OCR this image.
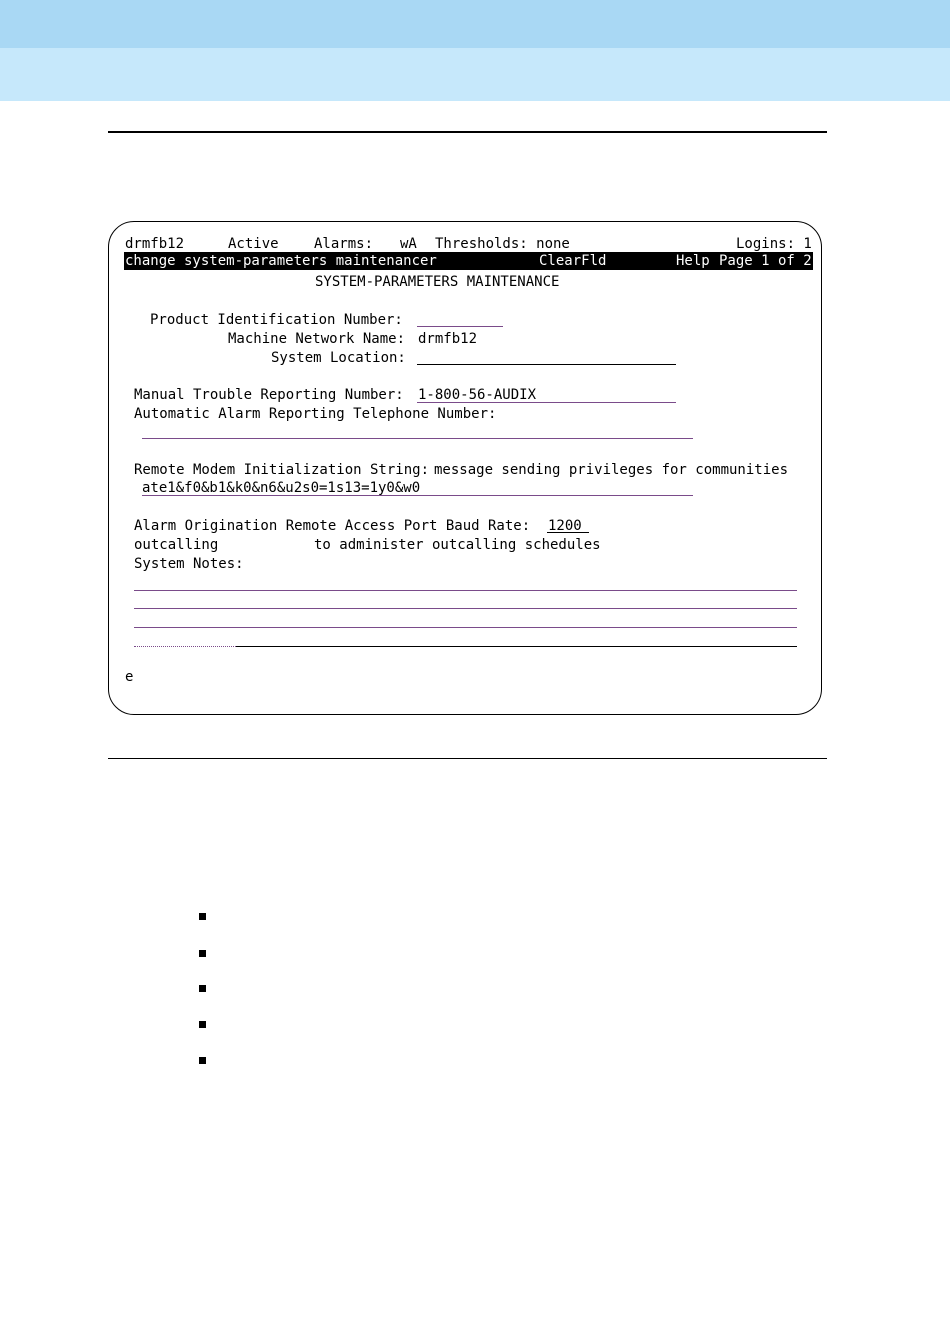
drmfb12	Active	Alarms: wA Thresholds: none	Logins: 1
change system-parameters maintenancer	ClearFld	Help Page 1 of 2
SYSTEM-PARAMETERS MAINTENANCE
Product Identification Number:
Machine Network Name: drmfb12
System Location:
Manual Trouble Reporting Number: 1-800-56-AUDIX
Automatic Alarm Reporting Telephone Number:
Remote Modem Initialization String: message sending privileges for communities
ate1&f0&b1&k0&n6&u2s0=1s13=1y0&w0
Alarm Origination Remote Access Port Baud Rate: 1200
outcalling	to administer outcalling schedules
System Notes:
e
